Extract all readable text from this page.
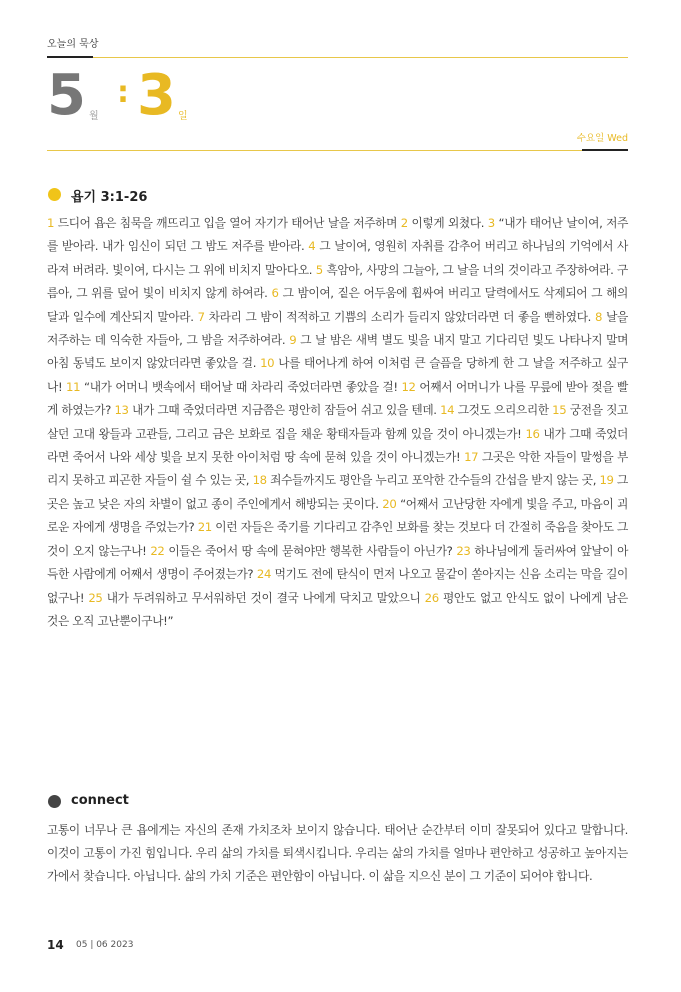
오늘의 묵상
5 월
: 3 일
수요일 Wed
욥기 3:1-26
1 드디어 욥은 침묵을 깨뜨리고 입을 열어 자기가 태어난 날을 저주하며 2 이렇게 외쳤다. 3 “내가 태어난 날이여, 저주를 받아라. 내가 임신이 되던 그 밤도 저주를 받아라. 4 그 날이여, 영원히 자취를 감추어 버리고 하나님의 기억에서 사라져 버려라. 빛이여, 다시는 그 위에 비치지 말아다오. 5 흑암아, 사망의 그늘아, 그 날을 너의 것이라고 주장하여라. 구름아, 그 위를 덮어 빛이 비치지 않게 하여라. 6 그 밤이여, 짙은 어두움에 휩싸여 버리고 달력에서도 삭제되어 그 해의 달과 일수에 계산되지 말아라. 7 차라리 그 밤이 적적하고 기쁨의 소리가 들리지 않았더라면 더 좋을 뻔하였다. 8 날을 저주하는 데 익숙한 자들아, 그 밤을 저주하여라. 9 그 날 밤은 새벽 별도 빛을 내지 말고 기다리던 빛도 나타나지 말며 아침 동녘도 보이지 않았더라면 좋았을 걸. 10 나를 태어나게 하여 이처럼 큰 슬픔을 당하게 한 그 날을 저주하고 싶구나! 11 “내가 어머니 뱃속에서 태어날 때 차라리 죽었더라면 좋았을 걸! 12 어째서 어머니가 나를 무릎에 받아 젖을 빨게 하였는가? 13 내가 그때 죽었더라면 지금쯤은 평안히 잠들어 쉬고 있을 텐데. 14 그것도 으리으리한 15 궁전을 짓고 살던 고대 왕들과 고관들, 그리고 금은 보화로 집을 채운 황태자들과 함께 있을 것이 아니겠는가! 16 내가 그때 죽었더라면 죽어서 나와 세상 빛을 보지 못한 아이처럼 땅 속에 묻혀 있을 것이 아니겠는가! 17 그곳은 악한 자들이 말썽을 부리지 못하고 피곤한 자들이 쉴 수 있는 곳, 18 죄수들까지도 평안을 누리고 포악한 간수들의 간섭을 받지 않는 곳, 19 그 곳은 높고 낮은 자의 차별이 없고 종이 주인에게서 해방되는 곳이다. 20 “어째서 고난당한 자에게 빛을 주고, 마음이 괴로운 자에게 생명을 주었는가? 21 이런 자들은 죽기를 기다리고 감추인 보화를 찾는 것보다 더 간절히 죽음을 찾아도 그것이 오지 않는구나! 22 이들은 죽어서 땅 속에 묻혀야만 행복한 사람들이 아닌가? 23 하나님에게 둘러싸여 앞날이 아득한 사람에게 어째서 생명이 주어졌는가? 24 먹기도 전에 탄식이 먼저 나오고 물같이 쏟아지는 신음 소리는 막을 길이 없구나! 25 내가 두려워하고 무서워하던 것이 결국 나에게 닥치고 말았으니 26 평안도 없고 안식도 없이 나에게 남은 것은 오직 고난뿐이구나!”
connect
고통이 너무나 큰 욥에게는 자신의 존재 가치조차 보이지 않습니다. 태어난 순간부터 이미 잘못되어 있다고 말합니다. 이것이 고통이 가진 힘입니다. 우리 삶의 가치를 퇴색시킵니다. 우리는 삶의 가치를 얼마나 편안하고 성공하고 높아지는가에서 찾습니다. 아닙니다. 삶의 가치 기준은 편안함이 아닙니다. 이 삶을 지으신 분이 그 기준이 되어야 합니다.
14 05 | 06 2023
